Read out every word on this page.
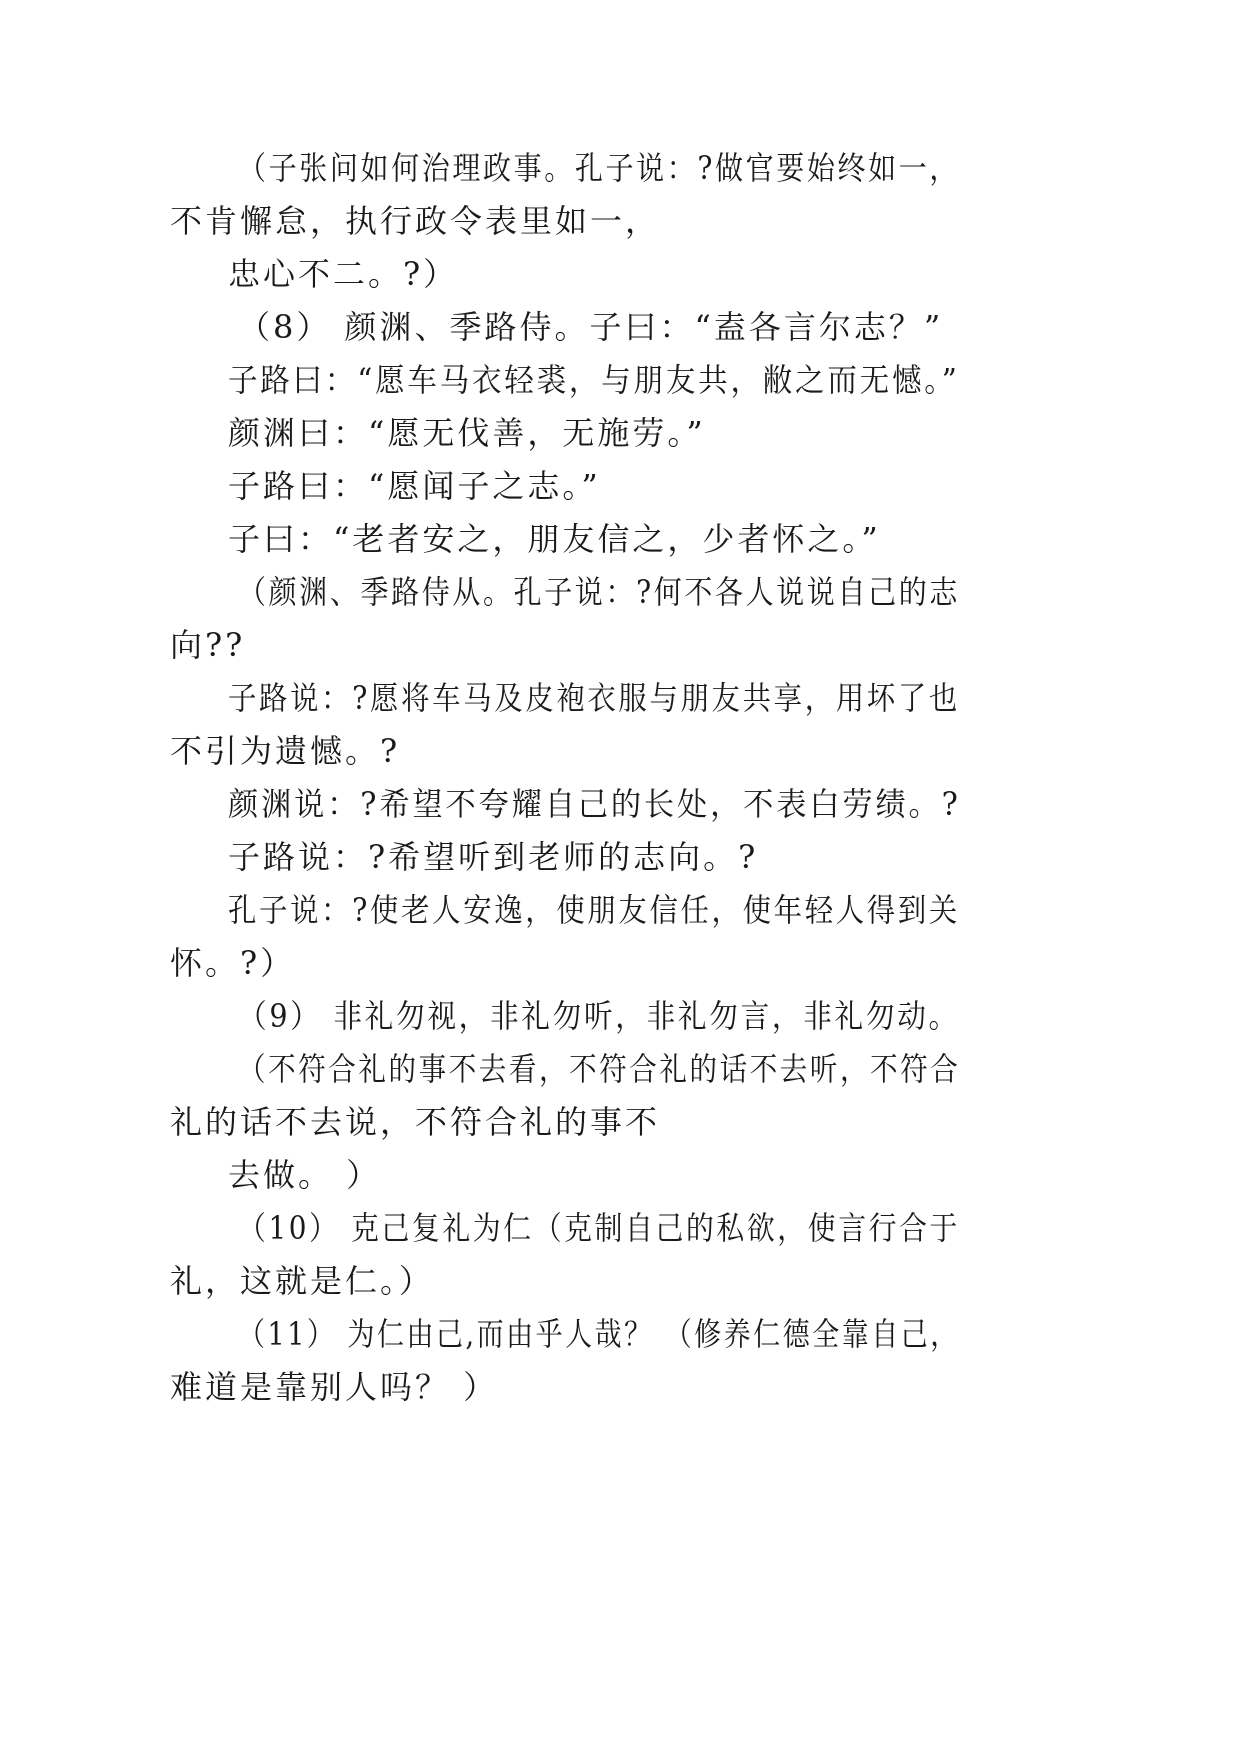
（子张问如何治理政事。孔子说：?做官要始终如一，
不肯懈怠，执行政令表里如一，
忠心不二。?）
（8） 颜渊、季路侍。子曰：“盍各言尔志？”
子路曰：“愿车马衣轻裘，与朋友共，敝之而无憾。”
颜渊曰：“愿无伐善，无施劳。”
子路曰：“愿闻子之志。”
子曰：“老者安之，朋友信之，少者怀之。”
（颜渊、季路侍从。孔子说：?何不各人说说自己的志
向??
子路说：?愿将车马及皮袍衣服与朋友共享，用坏了也
不引为遗憾。?
颜渊说：?希望不夸耀自己的长处，不表白劳绩。?
子路说：?希望听到老师的志向。?
孔子说：?使老人安逸，使朋友信任，使年轻人得到关
怀。?）
（9） 非礼勿视，非礼勿听，非礼勿言，非礼勿动。
（不符合礼的事不去看，不符合礼的话不去听，不符合
礼的话不去说，不符合礼的事不
去做。 ）
（10） 克己复礼为仁（克制自己的私欲，使言行合于
礼，这就是仁。）
（11） 为仁由己,而由乎人哉？ （修养仁德全靠自己，
难道是靠别人吗？ ）
